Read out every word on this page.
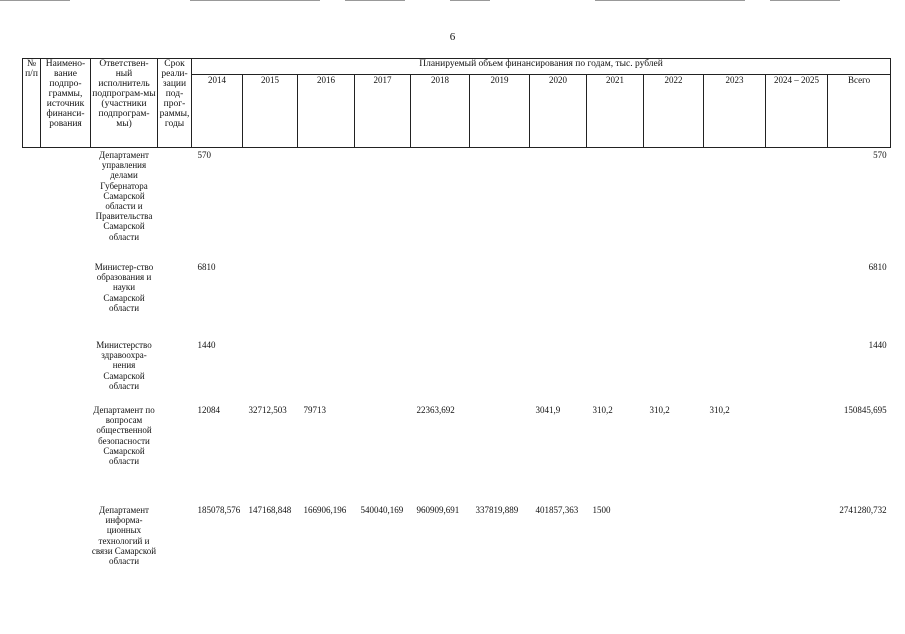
6
№ п/п	Наимено-вание подпро-граммы, источник финанси-рования	Ответствен-ный исполнитель подпрограм-мы (участники подпрограм-мы)	Срок реали-зации под-прог-раммы, годы	Планируемый объем финансирования по годам, тыс. рублей											
				2014	2015	2016	2017	2018	2019	2020	2021	2022	2023	2024 – 2025	Всего
		Департамент управления делами Губернатора Самарской области и Правительства Самарской области		570											570
		Министер-ство образования и науки Самарской области		6810											6810
		Министерство здравоохра-нения Самарской области		1440											1440
		Департамент по вопросам общественной безопасности Самарской области		12084	32712,503	79713		22363,692		3041,9	310,2	310,2	310,2		150845,695
		Департамент информа-ционных технологий и связи Самарской области		185078,576	147168,848	166906,196	540040,169	960909,691	337819,889	401857,363	1500				2741280,732
